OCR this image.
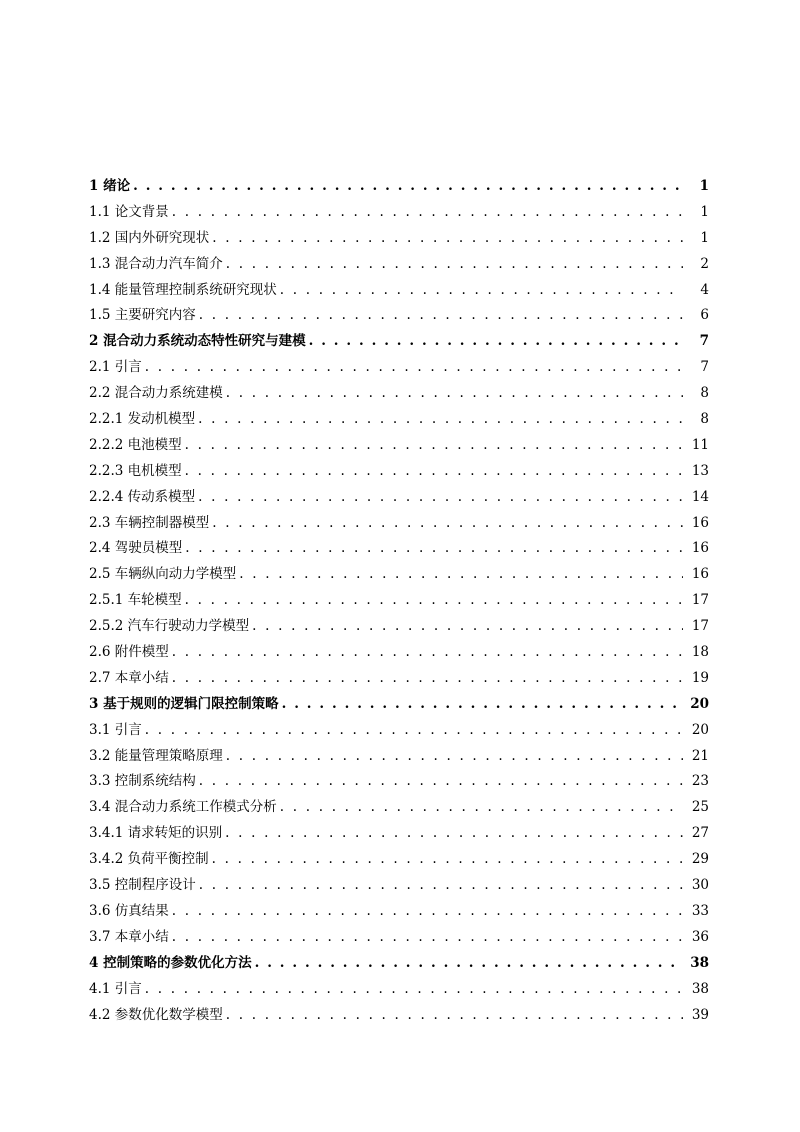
1 绪论 . . .	1
1.1 论文背景 . . .	1
1.2 国内外研究现状 . . .	1
1.3 混合动力汽车简介 . . .	2
1.4 能量管理控制系统研究现状 . . .	4
1.5 主要研究内容 . . .	6
2 混合动力系统动态特性研究与建模 . . .	7
2.1 引言 . . .	7
2.2 混合动力系统建模 . . .	8
2.2.1 发动机模型 . . .	8
2.2.2 电池模型 . . .	11
2.2.3 电机模型 . . .	13
2.2.4 传动系模型 . . .	14
2.3 车辆控制器模型 . . .	16
2.4 驾驶员模型 . . .	16
2.5 车辆纵向动力学模型 . . .	16
2.5.1 车轮模型 . . .	17
2.5.2 汽车行驶动力学模型 . . .	17
2.6 附件模型 . . .	18
2.7 本章小结 . . .	19
3 基于规则的逻辑门限控制策略 . . .	20
3.1 引言 . . .	20
3.2 能量管理策略原理 . . .	21
3.3 控制系统结构 . . .	23
3.4 混合动力系统工作模式分析 . . .	25
3.4.1 请求转矩的识别 . . .	27
3.4.2 负荷平衡控制 . . .	29
3.5 控制程序设计 . . .	30
3.6 仿真结果 . . .	33
3.7 本章小结 . . .	36
4 控制策略的参数优化方法 . . .	38
4.1 引言 . . .	38
4.2 参数优化数学模型 . . .	39
